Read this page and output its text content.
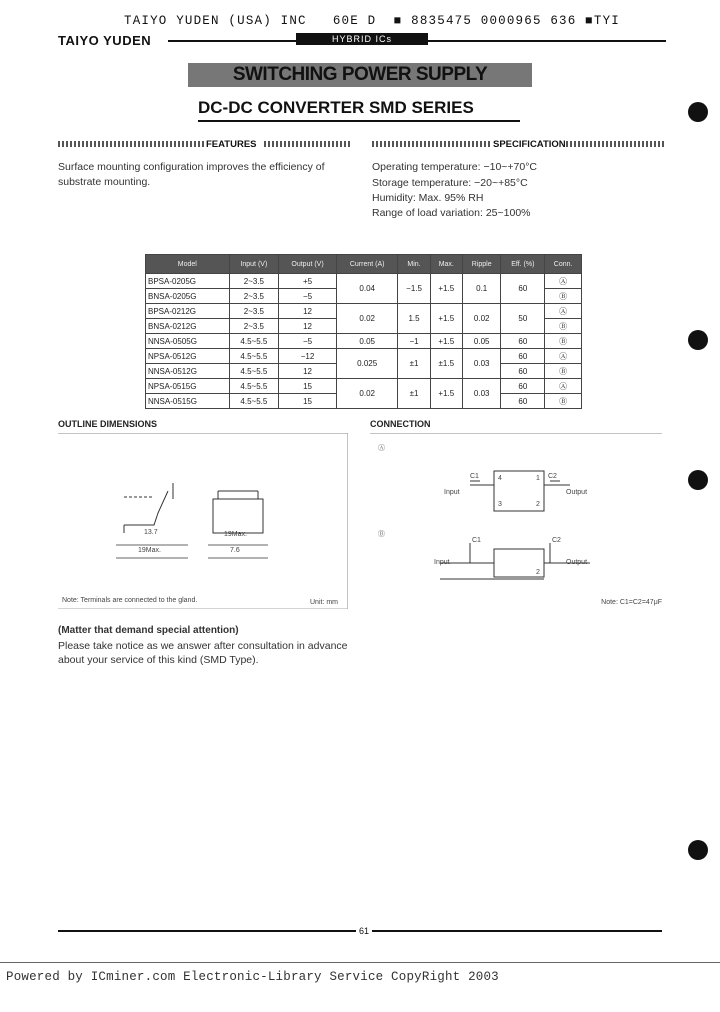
TAIYO YUDEN (USA) INC   60E D  ■ 8835475 0000965 636 ■TYI
TAIYO YUDEN	HYBRID ICs
SWITCHING POWER SUPPLY
DC-DC CONVERTER SMD SERIES
FEATURES
Surface mounting configuration improves the efficiency of substrate mounting.
SPECIFICATION
Operating temperature: −10~+70°C
Storage temperature: −20~+85°C
Humidity: Max. 95% RH
Range of load variation: 25~100%
Model	Input (V)	Output (V)	Current (A)	Min.	Max.	Ripple	Eff. (%)	Conn.
BPSA-0205G	2~3.5	+5	0.04	−1.5	+1.5	0.1	60	Ⓐ
BNSA-0205G	2~3.5	−5						Ⓑ
BPSA-0212G	2~3.5	12	0.02	1.5	+1.5	0.02	50	Ⓐ
BNSA-0212G	2~3.5	12						Ⓑ
NNSA-0505G	4.5~5.5	−5	0.05	−1	+1.5	0.05	60	Ⓑ
NPSA-0512G	4.5~5.5	−12	0.025	±1	±1.5	0.03	60	Ⓐ
NNSA-0512G	4.5~5.5	12					60	Ⓑ
NPSA-0515G	4.5~5.5	15	0.02	±1	+1.5	0.03	60	Ⓐ
NNSA-0515G	4.5~5.5	15					60	Ⓑ
OUTLINE DIMENSIONS
13.7
19Max.
19Max.
7.6
Note: Terminals are connected to the gland.	Unit: mm
CONNECTION
Ⓐ
Ⓑ
Input	Output
C1	C2
4	1
3	2
Input	Output
C1	C2
2
Note: C1=C2=47μF
(Matter that demand special attention)
Please take notice as we answer after consultation in advance about your service of this kind (SMD Type).
61
Powered by ICminer.com Electronic-Library Service CopyRight 2003
